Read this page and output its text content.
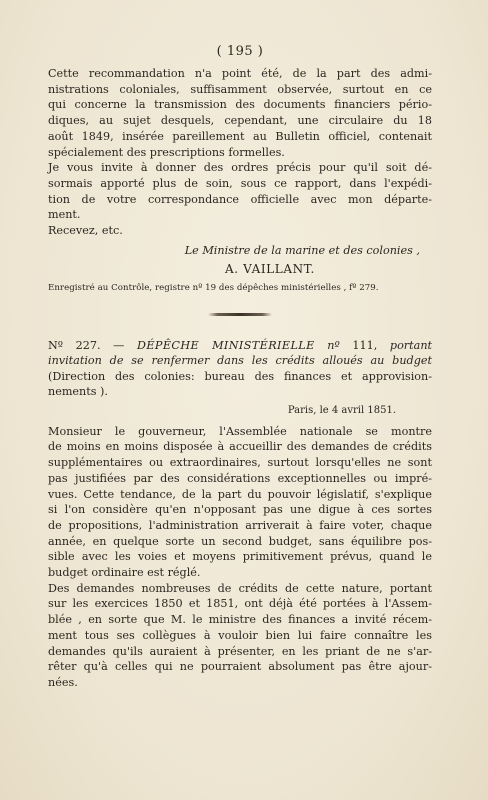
( 195 )
Cette recommandation n'a point été, de la part des admi-
nistrations coloniales, suffisamment observée, surtout en ce
qui concerne la transmission des documents financiers pério-
diques, au sujet desquels, cependant, une circulaire du 18
août 1849, insérée pareillement au Bulletin officiel, contenait
spécialement des prescriptions formelles.
Je vous invite à donner des ordres précis pour qu'il soit dé-
sormais apporté plus de soin, sous ce rapport, dans l'expédi-
tion de votre correspondance officielle avec mon départe-
ment.
Recevez, etc.
Le Ministre de la marine et des colonies ,
A. VAILLANT.
Enregistré au Contrôle, registre nº 19 des dépêches ministérielles , fº 279.
Nº 227. — DÉPÊCHE MINISTÉRIELLE nº 111, portant
invitation de se renfermer dans les crédits alloués au budget
(Direction des colonies: bureau des finances et approvision-
nements ).
Paris, le 4 avril 1851.
Monsieur le gouverneur, l'Assemblée nationale se montre
de moins en moins disposée à accueillir des demandes de crédits
supplémentaires ou extraordinaires, surtout lorsqu'elles ne sont
pas justifiées par des considérations exceptionnelles ou impré-
vues. Cette tendance, de la part du pouvoir législatif, s'explique
si l'on considère qu'en n'opposant pas une digue à ces sortes
de propositions, l'administration arriverait à faire voter, chaque
année, en quelque sorte un second budget, sans équilibre pos-
sible avec les voies et moyens primitivement prévus, quand le
budget ordinaire est réglé.
Des demandes nombreuses de crédits de cette nature, portant
sur les exercices 1850 et 1851, ont déjà été portées à l'Assem-
blée , en sorte que M. le ministre des finances a invité récem-
ment tous ses collègues à vouloir bien lui faire connaître les
demandes qu'ils auraient à présenter, en les priant de ne s'ar-
rêter qu'à celles qui ne pourraient absolument pas être ajour-
nées.
